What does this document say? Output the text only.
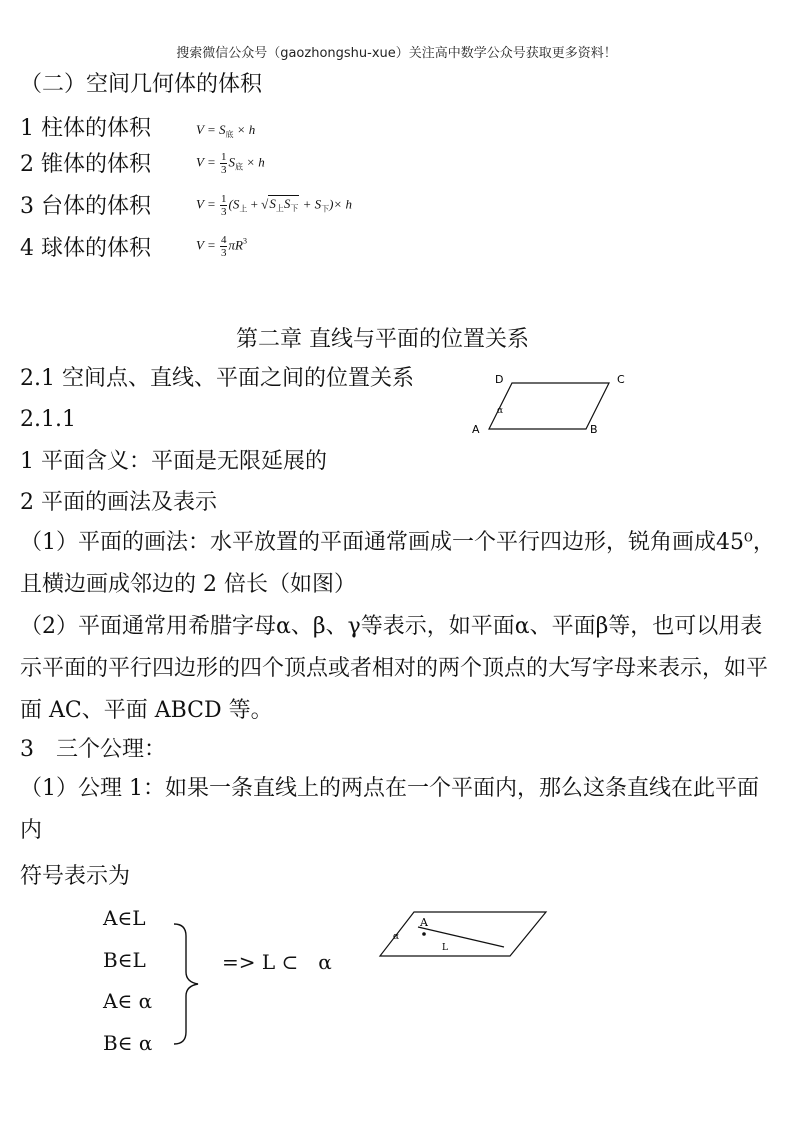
搜索微信公众号（gaozhongshu-xue）关注高中数学公众号获取更多资料！
（二）空间几何体的体积
1 柱体的体积	$V = S_底 \times h$
2 锥体的体积	$V = \frac{1}{3} S_底 \times h$
3 台体的体积	$V = \frac{1}{3} (S_上 + √S_上S_下 + S_下)\times h$
4 球体的体积	$V = \frac{4}{3} \pi R^3$
第二章 直线与平面的位置关系
2.1 空间点、直线、平面之间的位置关系
2.1.1
1 平面含义：平面是无限延展的
2 平面的画法及表示
D	C
A	B
α
（1）平面的画法：水平放置的平面通常画成一个平行四边形，锐角画成45⁰，且横边画成邻边的 2 倍长（如图）
（2）平面通常用希腊字母α、β、γ等表示，如平面α、平面β等，也可以用表示平面的平行四边形的四个顶点或者相对的两个顶点的大写字母来表示，如平面 AC、平面 ABCD 等。
3　三个公理：
（1）公理 1：如果一条直线上的两点在一个平面内，那么这条直线在此平面内
符号表示为
A∈L
B∈L
A∈ α
B∈ α
=> L ⊂　α
A
L
α
